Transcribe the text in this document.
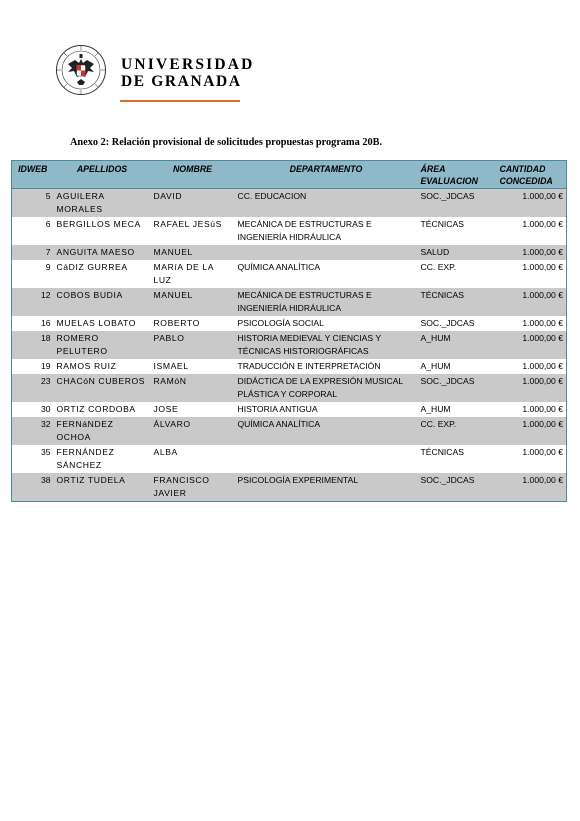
UNIVERSIDAD
DE GRANADA
Anexo 2: Relación provisional de solicitudes propuestas programa 20B.
IDWEB	APELLIDOS	NOMBRE	DEPARTAMENTO	ÁREA EVALUACION	CANTIDAD CONCEDIDA
5	AGUILERA MORALES	DAVID	CC. EDUCACION	SOC._JDCAS	1.000,00 €
6	BERGILLOS MECA	RAFAEL JESúS	MECÁNICA DE ESTRUCTURAS E INGENIERÍA HIDRÁULICA	TÉCNICAS	1.000,00 €
7	ANGUITA MAESO	MANUEL		SALUD	1.000,00 €
9	CáDIZ GURREA	MARíA DE LA LUZ	QUÍMICA ANALÍTICA	CC. EXP.	1.000,00 €
12	COBOS BUDIA	MANUEL	MECÁNICA DE ESTRUCTURAS E INGENIERÍA HIDRÁULICA	TÉCNICAS	1.000,00 €
16	MUELAS LOBATO	ROBERTO	PSICOLOGÍA SOCIAL	SOC._JDCAS	1.000,00 €
18	ROMERO PELUTERO	PABLO	HISTORIA MEDIEVAL Y CIENCIAS Y TÉCNICAS HISTORIOGRÁFICAS	A_HUM	1.000,00 €
19	RAMOS RUIZ	ISMAEL	TRADUCCIÓN E INTERPRETACIÓN	A_HUM	1.000,00 €
23	CHACóN CUBEROS	RAMóN	DIDÁCTICA DE LA EXPRESIÓN MUSICAL PLÁSTICA Y CORPORAL	SOC._JDCAS	1.000,00 €
30	ORTIZ CORDOBA	JOSE	HISTORIA ANTIGUA	A_HUM	1.000,00 €
32	FERNáNDEZ OCHOA	ÁLVARO	QUÍMICA ANALÍTICA	CC. EXP.	1.000,00 €
35	FERNÁNDEZ SÁNCHEZ	ALBA		TÉCNICAS	1.000,00 €
38	ORTIZ TUDELA	FRANCISCO JAVIER	PSICOLOGÍA EXPERIMENTAL	SOC._JDCAS	1.000,00 €
